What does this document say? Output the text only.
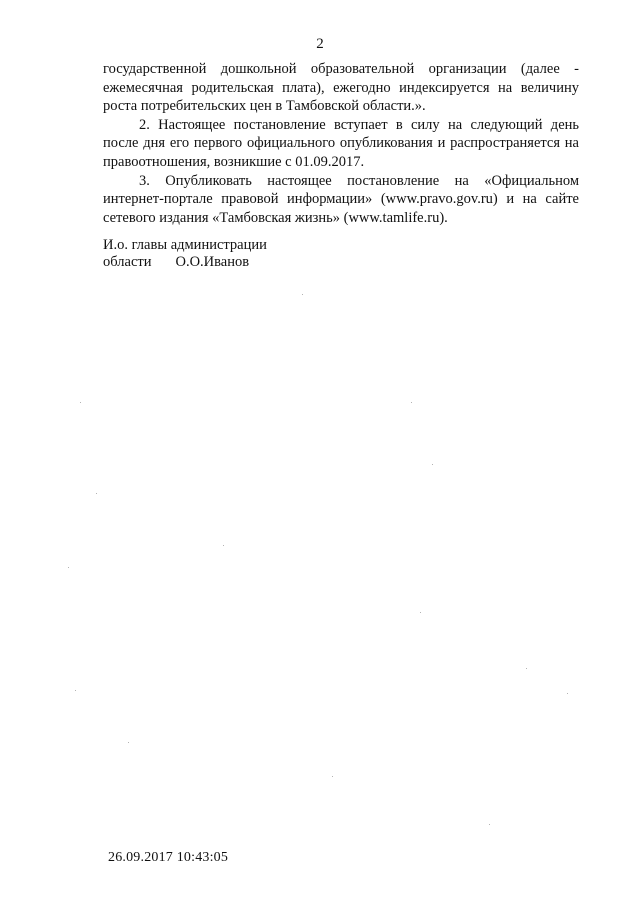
2

государственной дошкольной образовательной организации (далее -
ежемесячная родительская плата), ежегодно индексируется на величину
роста потребительских цен в Тамбовской области.».

2. Настоящее постановление вступает в силу на следующий день
после дня его первого официального опубликования и распространяется на
правоотношения, возникшие с 01.09.2017.

3. Опубликовать настоящее постановление на «Официальном
интернет-портале правовой информации» (www.pravo.gov.ru) и на сайте
сетевого издания «Тамбовская жизнь» (www.tamlife.ru).

И.о. главы администрации
области О.О.Иванов
26.09.2017 10:43:05
